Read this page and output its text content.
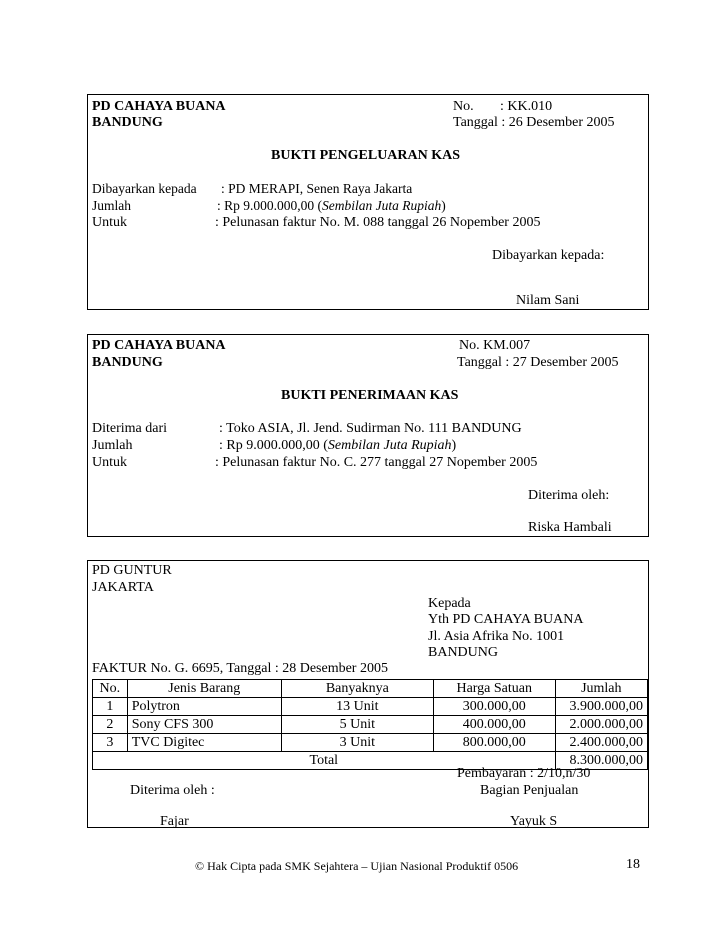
PD CAHAYA BUANA
BANDUNG
No. : KK.010
Tanggal : 26 Desember 2005
BUKTI PENGELUARAN KAS
Dibayarkan kepada : PD MERAPI, Senen Raya Jakarta
Jumlah	: Rp 9.000.000,00 (Sembilan Juta Rupiah)
Untuk	: Pelunasan faktur No. M. 088 tanggal 26 Nopember 2005
Dibayarkan kepada:
Nilam Sani
PD CAHAYA BUANA
BANDUNG
No. KM.007
Tanggal : 27 Desember 2005
BUKTI PENERIMAAN KAS
Diterima dari	: Toko ASIA, Jl. Jend. Sudirman No. 111 BANDUNG
Jumlah	: Rp 9.000.000,00 (Sembilan Juta Rupiah)
Untuk	: Pelunasan faktur No. C. 277 tanggal 27 Nopember 2005
Diterima oleh:
Riska Hambali
PD GUNTUR
JAKARTA
Kepada
Yth PD CAHAYA BUANA
Jl. Asia Afrika No. 1001
BANDUNG
FAKTUR No. G. 6695, Tanggal : 28 Desember 2005
No.	Jenis Barang	Banyaknya	Harga Satuan	Jumlah
1	Polytron	13 Unit	300.000,00	3.900.000,00
2	Sony CFS 300	5 Unit	400.000,00	2.000.000,00
3	TVC Digitec	3 Unit	800.000,00	2.400.000,00
Total				8.300.000,00
Pembayaran : 2/10,n/30
Diterima oleh :	Bagian Penjualan
Fajar	Yayuk S
© Hak Cipta pada SMK Sejahtera – Ujian Nasional Produktif 0506	18
